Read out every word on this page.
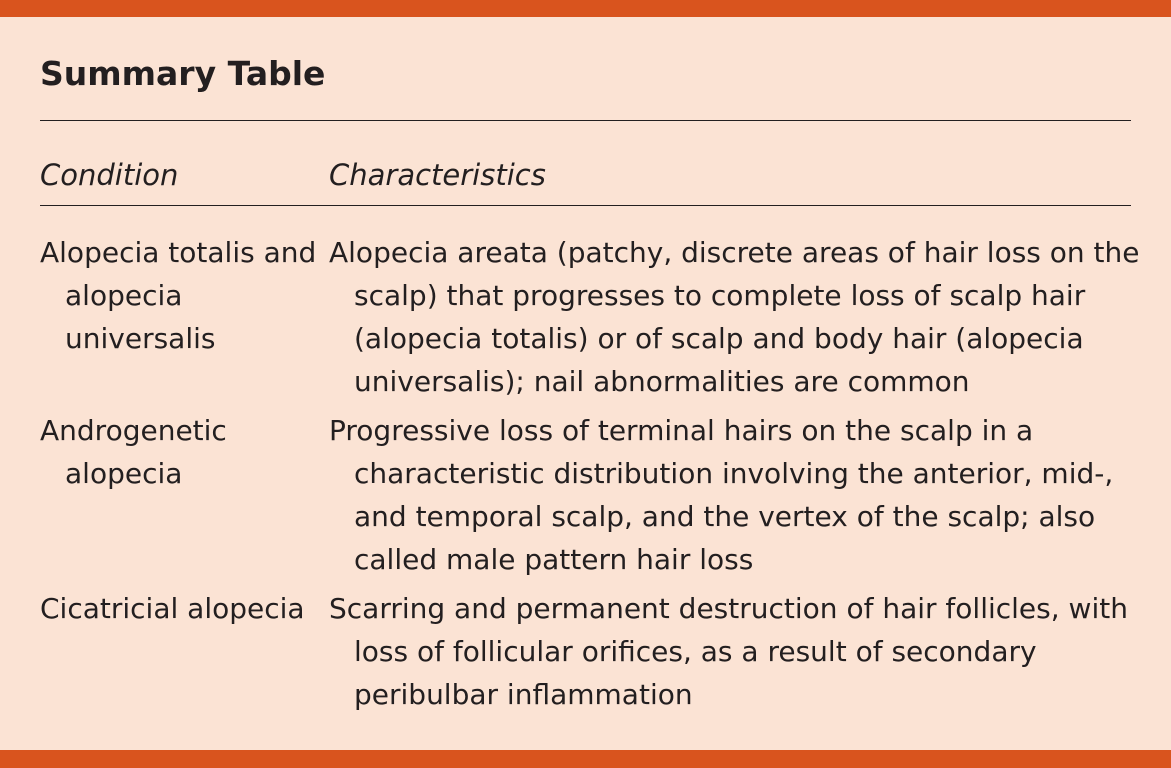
Summary Table
Condition	Characteristics
Alopecia totalis and alopecia universalis
Alopecia areata (patchy, discrete areas of hair loss on the scalp) that progresses to complete loss of scalp hair (alopecia totalis) or of scalp and body hair (alopecia universalis); nail abnormalities are common
Androgenetic alopecia
Progressive loss of terminal hairs on the scalp in a characteristic distribution involving the anterior, mid-, and temporal scalp, and the vertex of the scalp; also called male pattern hair loss
Cicatricial alopecia Scarring and permanent destruction of hair follicles, with loss of follicular orifices, as a result of secondary peribulbar inflammation
